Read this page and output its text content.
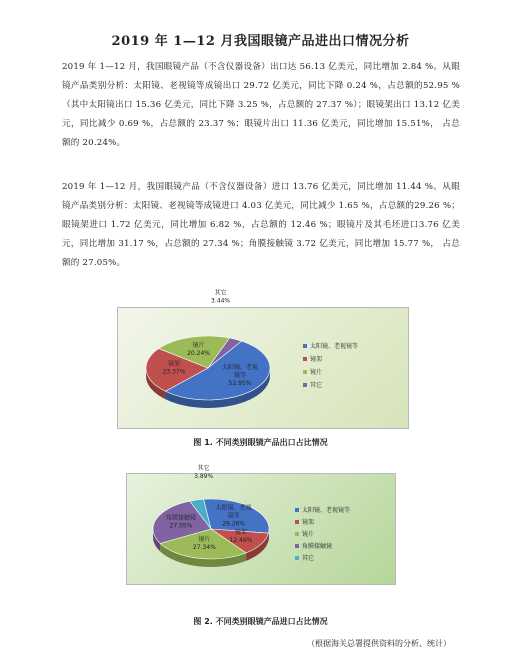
2019 年 1—12 月我国眼镜产品进出口情况分析

2019 年 1—12 月，我国眼镜产品（不含仪器设备）出口达 56.13 亿美元，同比增加 2.84 %。从眼镜产品类别分析：太阳镜、老视镜等成镜出口 29.72 亿美元，同比下降 0.24 %，占总额的52.95 %（其中太阳镜出口 15.36 亿美元，同比下降 3.25 %，占总额的 27.37 %）；眼镜架出口 13.12 亿美元，同比减少 0.69 %，占总额的 23.37 %；眼镜片出口 11.36 亿美元，同比增加 15.51%， 占总额的 20.24%。

2019 年 1—12 月，我国眼镜产品（不含仪器设备）进口 13.76 亿美元，同比增加 11.44 %。从眼镜产品类别分析：太阳镜、老视镜等成镜进口 4.03 亿美元，同比减少 1.65 %，占总额的29.26 %；眼镜架进口 1.72 亿美元，同比增加 6.82 %，占总额的 12.46 %；眼镜片及其毛坯进口3.76 亿美元，同比增加 31.17 %，占总额的 27.34 %；角膜接触镜 3.72 亿美元，同比增加 15.77 %， 占总额的 27.05%。

太阳镜、老视镜等 52.95%
镜架 23.37%
镜片 20.24%
其它 3.44%
太阳镜、老视镜等
镜架
镜片
其它
图 1. 不同类别眼镜产品出口占比情况
太阳镜、老视镜等 29.26%
镜架 12.46%
镜片 27.34%
角膜接触镜 27.05%
其它 3.89%
太阳镜、老视镜等
镜架
镜片
角膜接触镜
其它
图 2. 不同类别眼镜产品进口占比情况
（根据海关总署提供资料的分析、统计）
